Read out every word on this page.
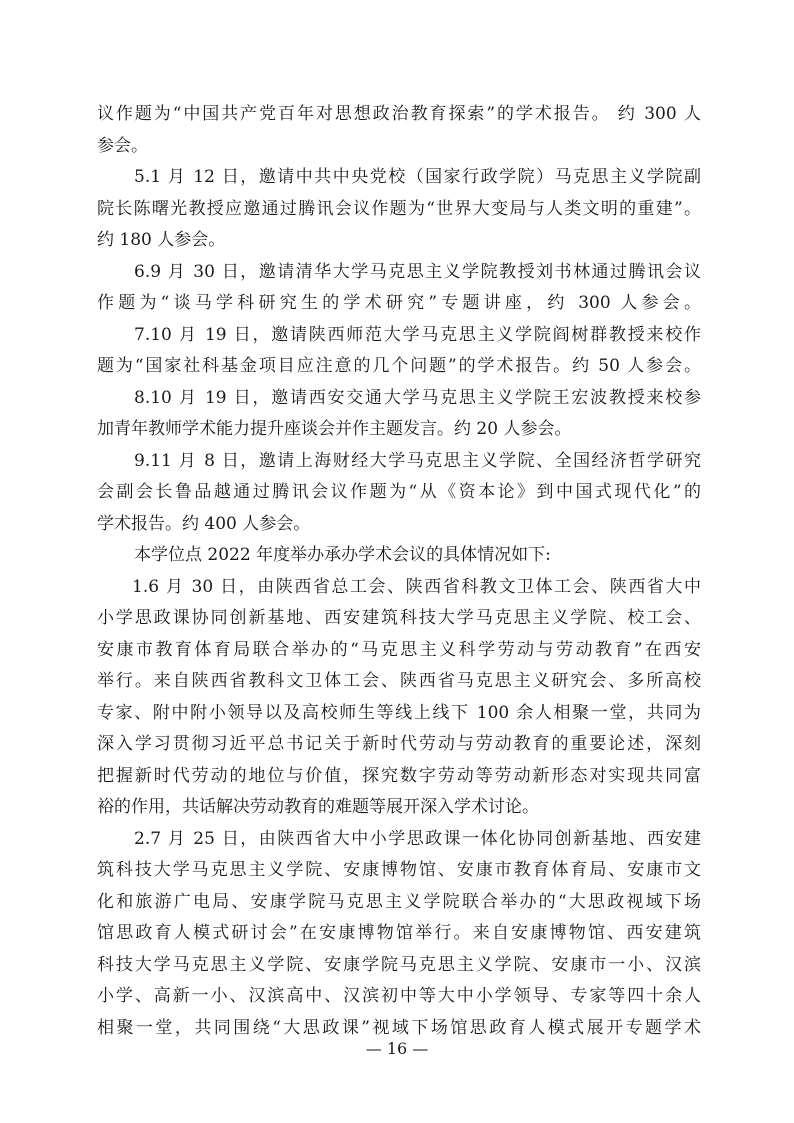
议作题为“中国共产党百年对思想政治教育探索”的学术报告。 约 300 人
参会。
5.1 月 12 日，邀请中共中央党校（国家行政学院）马克思主义学院副
院长陈曙光教授应邀通过腾讯会议作题为“世界大变局与人类文明的重建”。
约 180 人参会。
6.9 月 30 日，邀请清华大学马克思主义学院教授刘书林通过腾讯会议
作题为“谈马学科研究生的学术研究”专题讲座，约 300 人参会。
7.10 月 19 日，邀请陕西师范大学马克思主义学院阎树群教授来校作
题为“国家社科基金项目应注意的几个问题”的学术报告。约 50 人参会。
8.10 月 19 日，邀请西安交通大学马克思主义学院王宏波教授来校参
加青年教师学术能力提升座谈会并作主题发言。约 20 人参会。
9.11 月 8 日，邀请上海财经大学马克思主义学院、全国经济哲学研究
会副会长鲁品越通过腾讯会议作题为“从《资本论》到中国式现代化”的
学术报告。约 400 人参会。
本学位点 2022 年度举办承办学术会议的具体情况如下:
1.6 月 30 日，由陕西省总工会、陕西省科教文卫体工会、陕西省大中
小学思政课协同创新基地、西安建筑科技大学马克思主义学院、校工会、
安康市教育体育局联合举办的“马克思主义科学劳动与劳动教育”在西安
举行。来自陕西省教科文卫体工会、陕西省马克思主义研究会、多所高校
专家、附中附小领导以及高校师生等线上线下 100 余人相聚一堂，共同为
深入学习贯彻习近平总书记关于新时代劳动与劳动教育的重要论述，深刻
把握新时代劳动的地位与价值，探究数字劳动等劳动新形态对实现共同富
裕的作用，共话解决劳动教育的难题等展开深入学术讨论。
2.7 月 25 日，由陕西省大中小学思政课一体化协同创新基地、西安建
筑科技大学马克思主义学院、安康博物馆、安康市教育体育局、安康市文
化和旅游广电局、安康学院马克思主义学院联合举办的“大思政视域下场
馆思政育人模式研讨会”在安康博物馆举行。来自安康博物馆、西安建筑
科技大学马克思主义学院、安康学院马克思主义学院、安康市一小、汉滨
小学、高新一小、汉滨高中、汉滨初中等大中小学领导、专家等四十余人
相聚一堂，共同围绕“大思政课”视域下场馆思政育人模式展开专题学术
— 16 —
